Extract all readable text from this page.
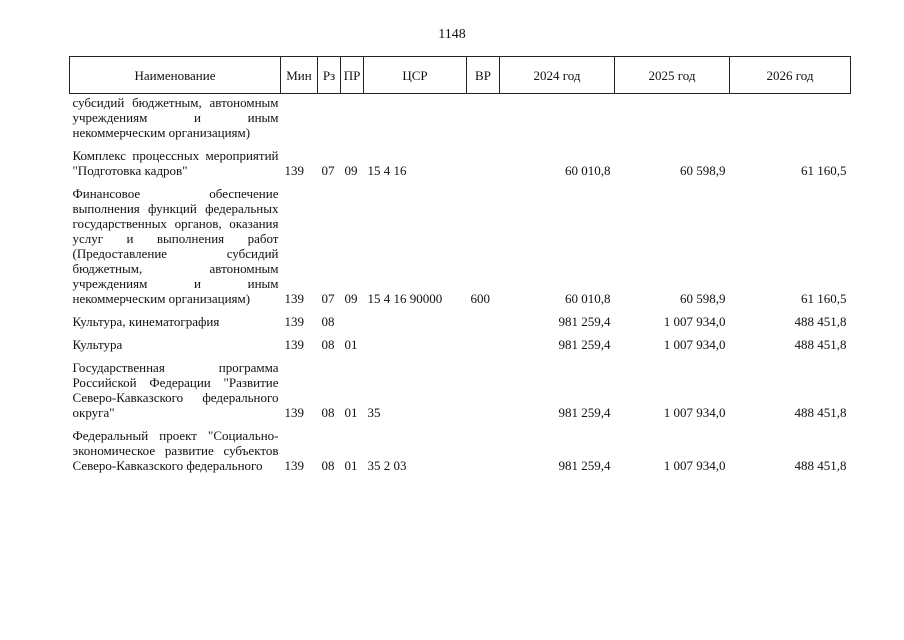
1148
Наименование	Мин	Рз	ПР	ЦСР	ВР	2024 год	2025 год	2026 год
субсидий бюджетным, автономным учреждениям и иным некоммерческим организациям)								
Комплекс процессных мероприятий "Подготовка кадров"	139	07	09	15 4 16		60 010,8	60 598,9	61 160,5
Финансовое обеспечение выполнения функций федеральных государственных органов, оказания услуг и выполнения работ (Предоставление субсидий бюджетным, автономным учреждениям и иным некоммерческим организациям)	139	07	09	15 4 16 90000	600	60 010,8	60 598,9	61 160,5
Культура, кинематография	139	08				981 259,4	1 007 934,0	488 451,8
Культура	139	08	01			981 259,4	1 007 934,0	488 451,8
Государственная программа Российской Федерации "Развитие Северо-Кавказского федерального округа"	139	08	01	35		981 259,4	1 007 934,0	488 451,8
Федеральный проект "Социально-экономическое развитие субъектов Северо-Кавказского федерального	139	08	01	35 2 03		981 259,4	1 007 934,0	488 451,8
